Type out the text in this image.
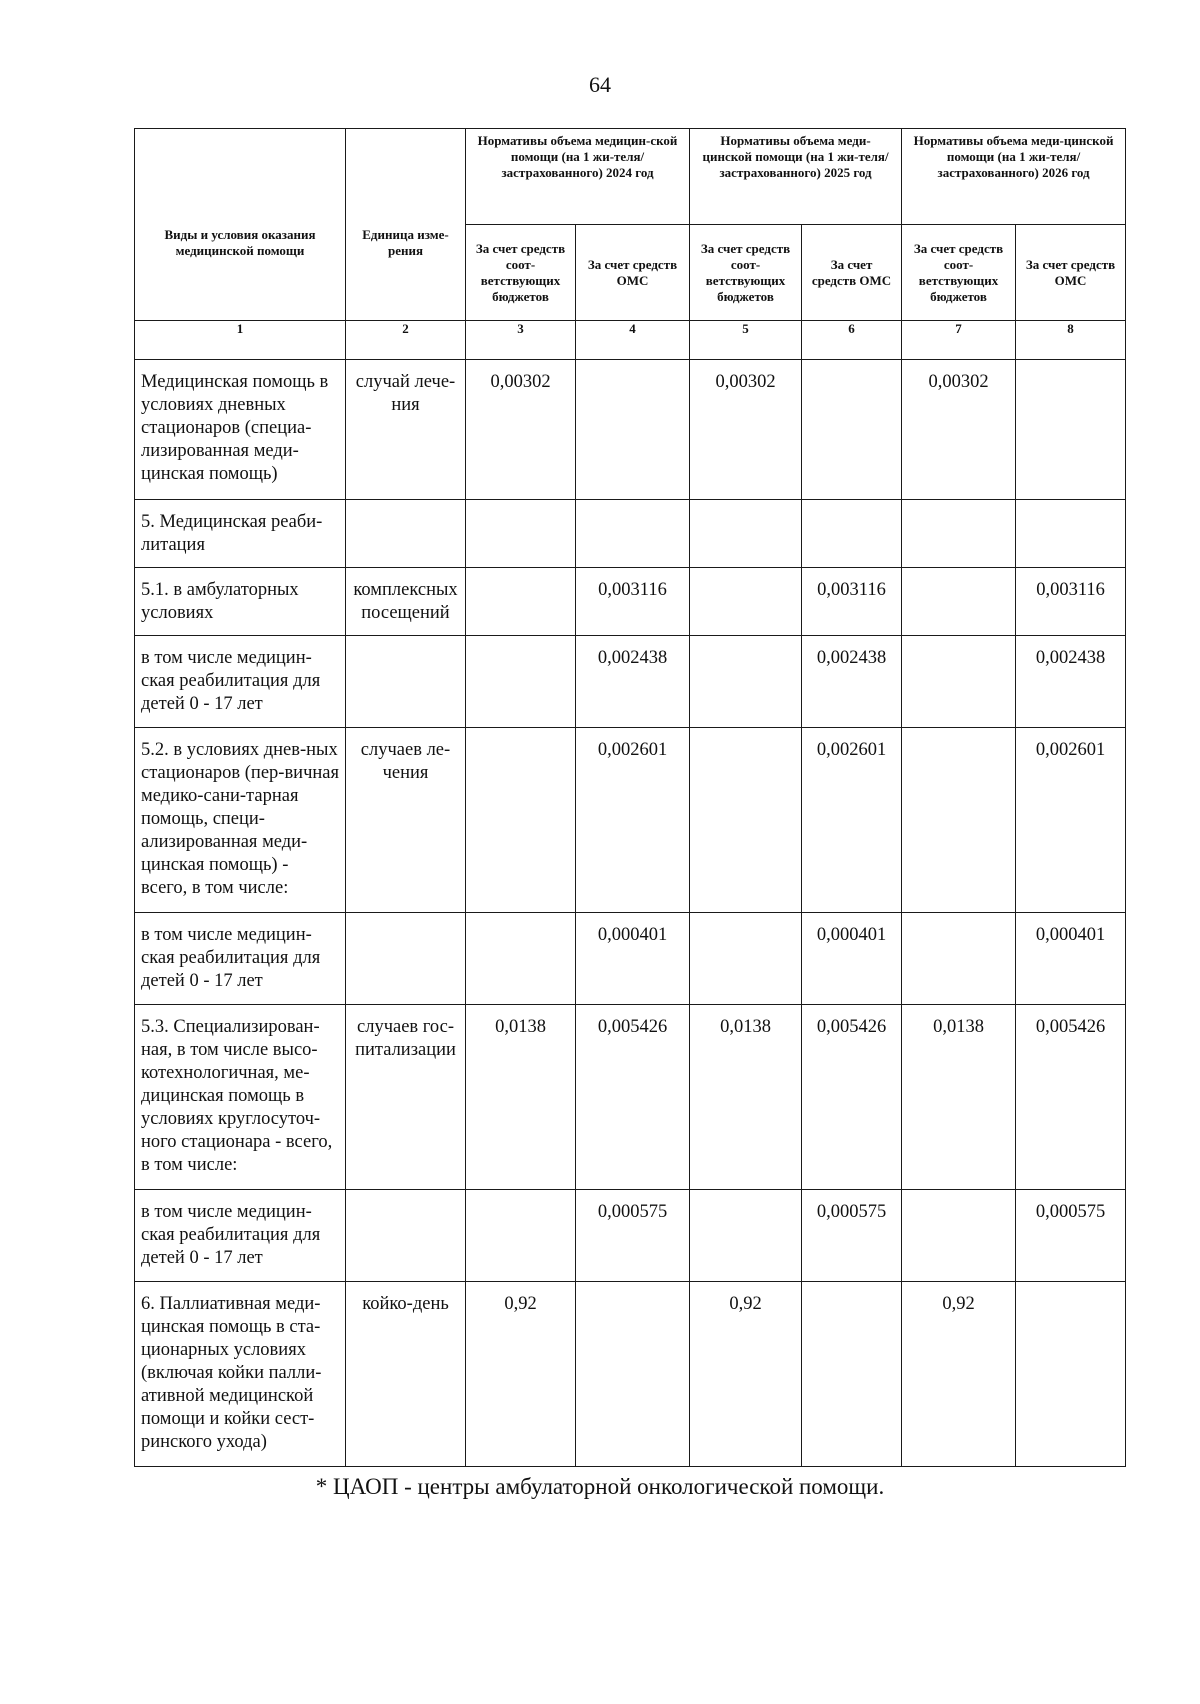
64
Виды и условия оказания медицинской помощи	Единица изме-рения	Нормативы объема медицин-ской помощи (на 1 жи-теля/застрахованного) 2024 год		Нормативы объема меди-цинской помощи (на 1 жи-теля/застрахованного) 2025 год		Нормативы объема меди-цинской помощи (на 1 жи-теля/застрахованного) 2026 год	
		За счет средств соот-ветствующих бюджетов	За счет средств ОМС	За счет средств соот-ветствующих бюджетов	За счет средств ОМС	За счет средств соот-ветствующих бюджетов	За счет средств ОМС
1	2	3	4	5	6	7	8
Медицинская помощь в условиях дневных стационаров (специа-лизированная меди-цинская помощь)	случай лече-ния	0,00302		0,00302		0,00302	
5. Медицинская реаби-литация							
5.1. в амбулаторных условиях	комплексных посещений		0,003116		0,003116		0,003116
в том числе медицин-ская реабилитация для детей 0 - 17 лет			0,002438		0,002438		0,002438
5.2. в условиях днев-ных стационаров (пер-вичная медико-сани-тарная помощь, специ-ализированная меди-цинская помощь) - всего, в том числе:	случаев ле-чения		0,002601		0,002601		0,002601
в том числе медицин-ская реабилитация для детей 0 - 17 лет			0,000401		0,000401		0,000401
5.3. Специализирован-ная, в том числе высо-котехнологичная, ме-дицинская помощь в условиях круглосуточ-ного стационара - всего, в том числе:	случаев гос-питализации	0,0138	0,005426	0,0138	0,005426	0,0138	0,005426
в том числе медицин-ская реабилитация для детей 0 - 17 лет			0,000575		0,000575		0,000575
6. Паллиативная меди-цинская помощь в ста-ционарных условиях (включая койки палли-ативной медицинской помощи и койки сест-ринского ухода)	койко-день	0,92		0,92		0,92	
* ЦАОП - центры амбулаторной онкологической помощи.
